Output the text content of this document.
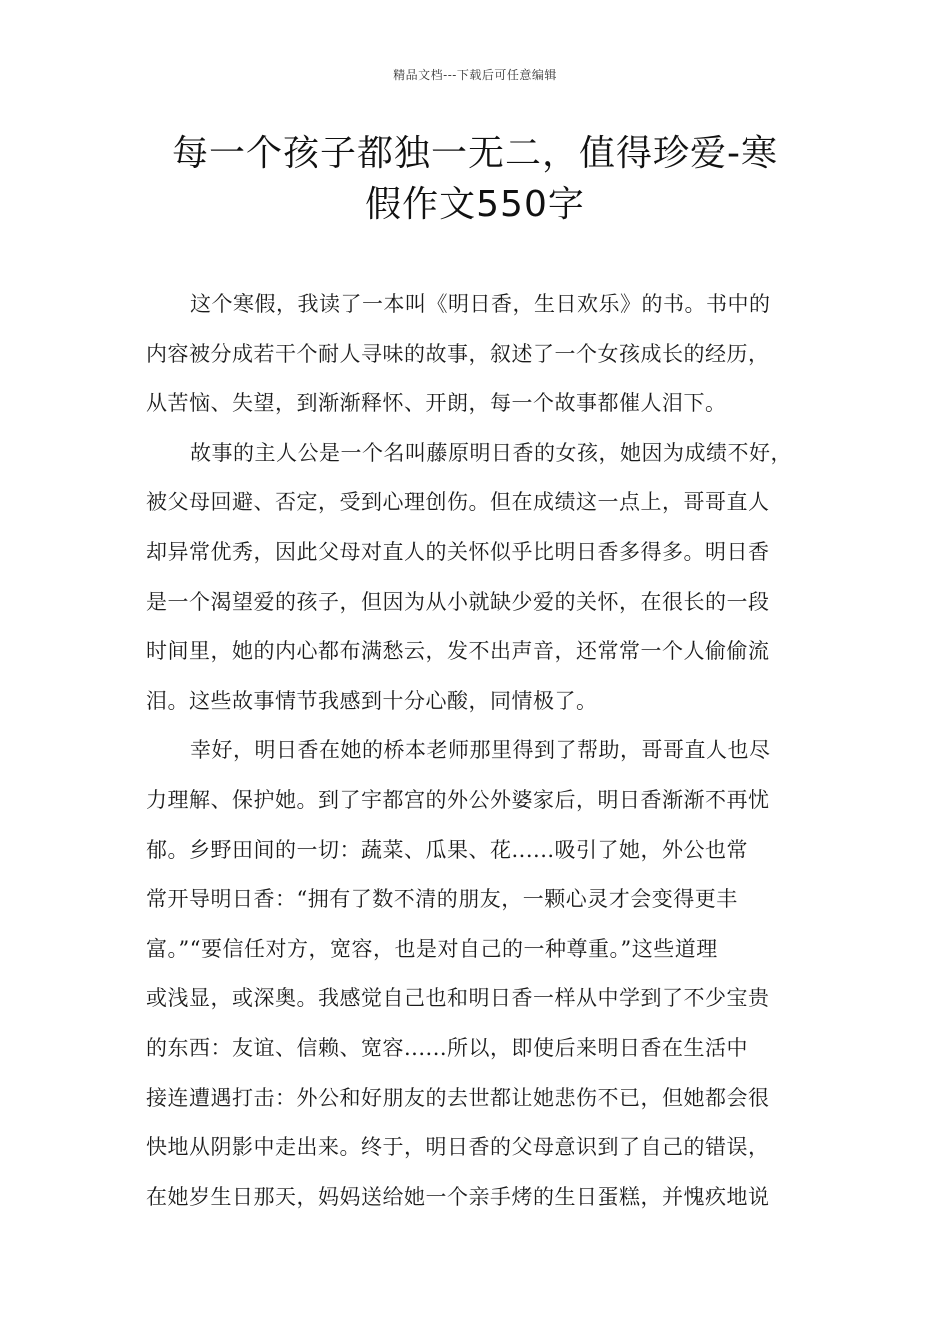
精品文档---下载后可任意编辑
每一个孩子都独一无二，值得珍爱-寒
假作文550字
这个寒假，我读了一本叫《明日香，生日欢乐》的书。书中的
内容被分成若干个耐人寻味的故事，叙述了一个女孩成长的经历，
从苦恼、失望，到渐渐释怀、开朗，每一个故事都催人泪下。
故事的主人公是一个名叫藤原明日香的女孩，她因为成绩不好，
被父母回避、否定，受到心理创伤。但在成绩这一点上，哥哥直人
却异常优秀，因此父母对直人的关怀似乎比明日香多得多。明日香
是一个渴望爱的孩子，但因为从小就缺少爱的关怀，在很长的一段
时间里，她的内心都布满愁云，发不出声音，还常常一个人偷偷流
泪。这些故事情节我感到十分心酸，同情极了。
幸好，明日香在她的桥本老师那里得到了帮助，哥哥直人也尽
力理解、保护她。到了宇都宫的外公外婆家后，明日香渐渐不再忧
郁。乡野田间的一切：蔬菜、瓜果、花......吸引了她，外公也常
常开导明日香：“拥有了数不清的朋友，一颗心灵才会变得更丰
富。”“要信任对方，宽容，也是对自己的一种尊重。”这些道理
或浅显，或深奥。我感觉自己也和明日香一样从中学到了不少宝贵
的东西：友谊、信赖、宽容......所以，即使后来明日香在生活中
接连遭遇打击：外公和好朋友的去世都让她悲伤不已，但她都会很
快地从阴影中走出来。终于，明日香的父母意识到了自己的错误，
在她岁生日那天，妈妈送给她一个亲手烤的生日蛋糕，并愧疚地说
